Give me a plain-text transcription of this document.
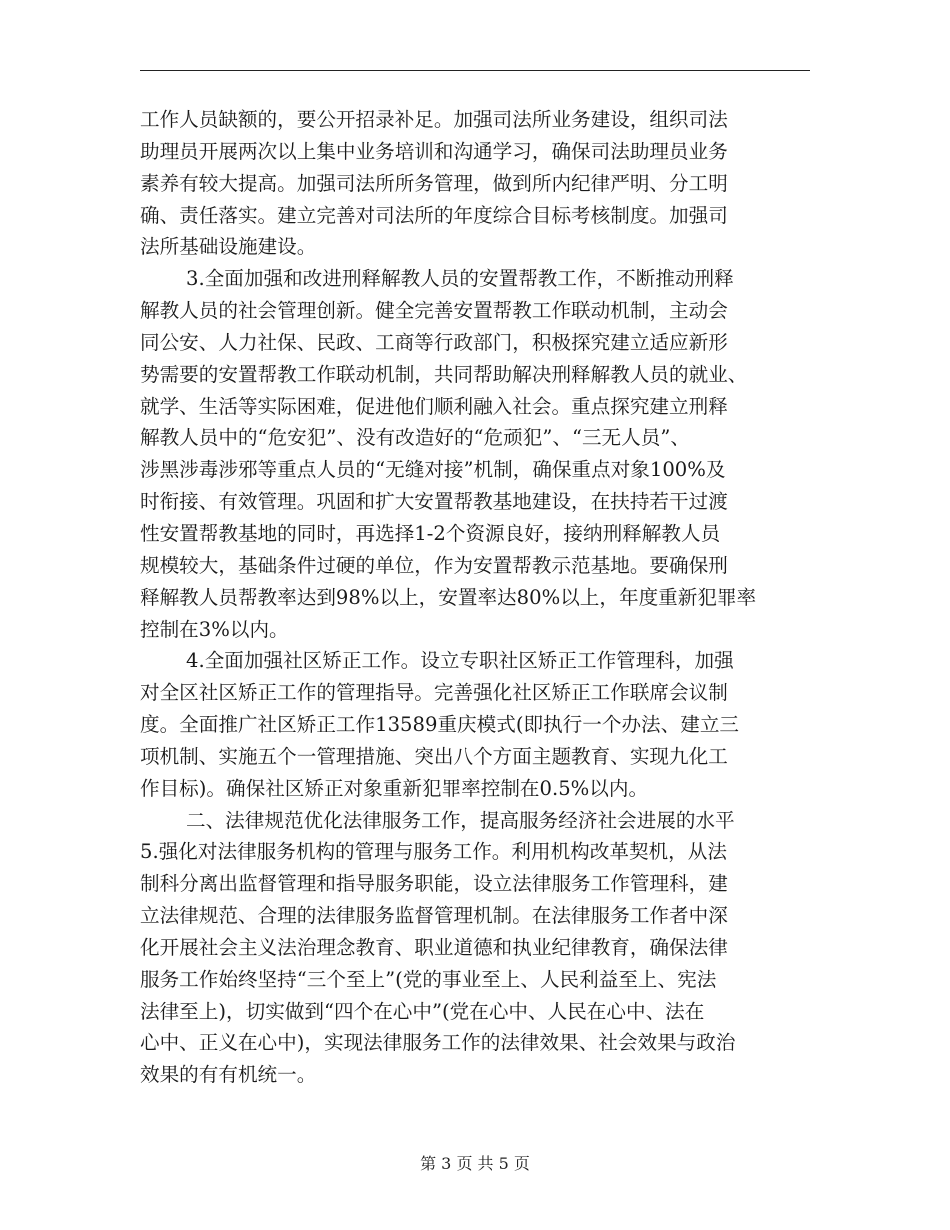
工作人员缺额的，要公开招录补足。加强司法所业务建设，组织司法
助理员开展两次以上集中业务培训和沟通学习，确保司法助理员业务
素养有较大提高。加强司法所所务管理，做到所内纪律严明、分工明
确、责任落实。建立完善对司法所的年度综合目标考核制度。加强司
法所基础设施建设。
3.全面加强和改进刑释解教人员的安置帮教工作，不断推动刑释
解教人员的社会管理创新。健全完善安置帮教工作联动机制，主动会
同公安、人力社保、民政、工商等行政部门，积极探究建立适应新形
势需要的安置帮教工作联动机制，共同帮助解决刑释解教人员的就业、
就学、生活等实际困难，促进他们顺利融入社会。重点探究建立刑释
解教人员中的“危安犯”、没有改造好的“危顽犯”、“三无人员”、
涉黑涉毒涉邪等重点人员的“无缝对接”机制，确保重点对象100%及
时衔接、有效管理。巩固和扩大安置帮教基地建设，在扶持若干过渡
性安置帮教基地的同时，再选择1-2个资源良好，接纳刑释解教人员
规模较大，基础条件过硬的单位，作为安置帮教示范基地。要确保刑
释解教人员帮教率达到98%以上，安置率达80%以上，年度重新犯罪率
控制在3%以内。
4.全面加强社区矫正工作。设立专职社区矫正工作管理科，加强
对全区社区矫正工作的管理指导。完善强化社区矫正工作联席会议制
度。全面推广社区矫正工作13589重庆模式(即执行一个办法、建立三
项机制、实施五个一管理措施、突出八个方面主题教育、实现九化工
作目标)。确保社区矫正对象重新犯罪率控制在0.5%以内。
二、法律规范优化法律服务工作，提高服务经济社会进展的水平
5.强化对法律服务机构的管理与服务工作。利用机构改革契机，从法
制科分离出监督管理和指导服务职能，设立法律服务工作管理科，建
立法律规范、合理的法律服务监督管理机制。在法律服务工作者中深
化开展社会主义法治理念教育、职业道德和执业纪律教育，确保法律
服务工作始终坚持“三个至上”(党的事业至上、人民利益至上、宪法
法律至上)，切实做到“四个在心中”(党在心中、人民在心中、法在
心中、正义在心中)，实现法律服务工作的法律效果、社会效果与政治
效果的有有机统一。
第 3 页 共 5 页
